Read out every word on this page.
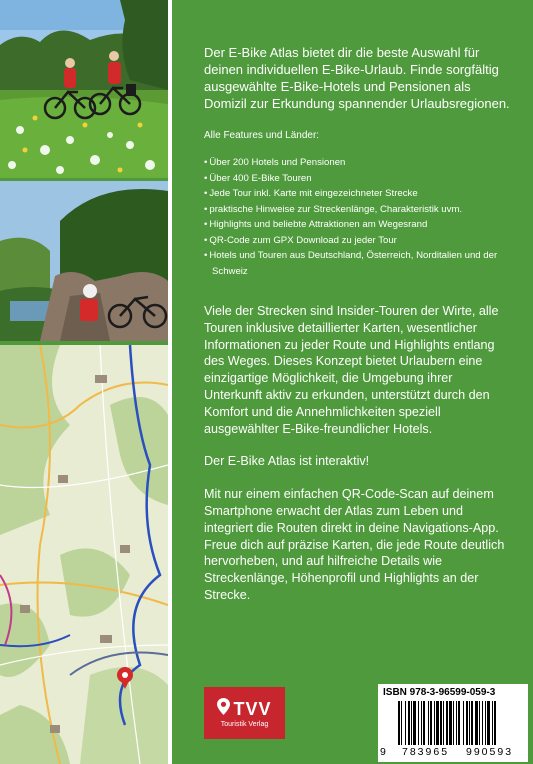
Der E-Bike Atlas bietet dir die beste Auswahl für deinen individuellen E-Bike-Urlaub. Finde sorgfältig ausgewählte E-Bike-Hotels und Pensionen als Domizil zur Erkundung spannender Urlaubsregionen.

Alle Features und Länder:

• Über 200 Hotels und Pensionen
• Über 400 E-Bike Touren
• Jede Tour inkl. Karte mit eingezeichneter Strecke
• praktische Hinweise zur Streckenlänge, Charakteristik uvm.
• Highlights und beliebte Attraktionen am Wegesrand
• QR-Code zum GPX Download zu jeder Tour
• Hotels und Touren aus Deutschland, Österreich, Norditalien und der Schweiz

Viele der Strecken sind Insider-Touren der Wirte, alle Touren inklusive detaillierter Karten, wesentlicher Informationen zu jeder Route und Highlights entlang des Weges. Dieses Konzept bietet Urlaubern eine einzigartige Möglichkeit, die Umgebung ihrer Unterkunft aktiv zu erkunden, unterstützt durch den Komfort und die Annehmlichkeiten speziell ausgewählter E-Bike-freundlicher Hotels.

Der E-Bike Atlas ist interaktiv!

Mit nur einem einfachen QR-Code-Scan auf deinem Smartphone erwacht der Atlas zum Leben und integriert die Routen direkt in deine Navigations-App. Freue dich auf präzise Karten, die jede Route deutlich hervorheben, und auf hilfreiche Details wie Streckenlänge, Höhenprofil und Highlights an der Strecke.

TVV
Touristik Verlag
ISBN 978-3-96599-059-3
9 783965 990593
